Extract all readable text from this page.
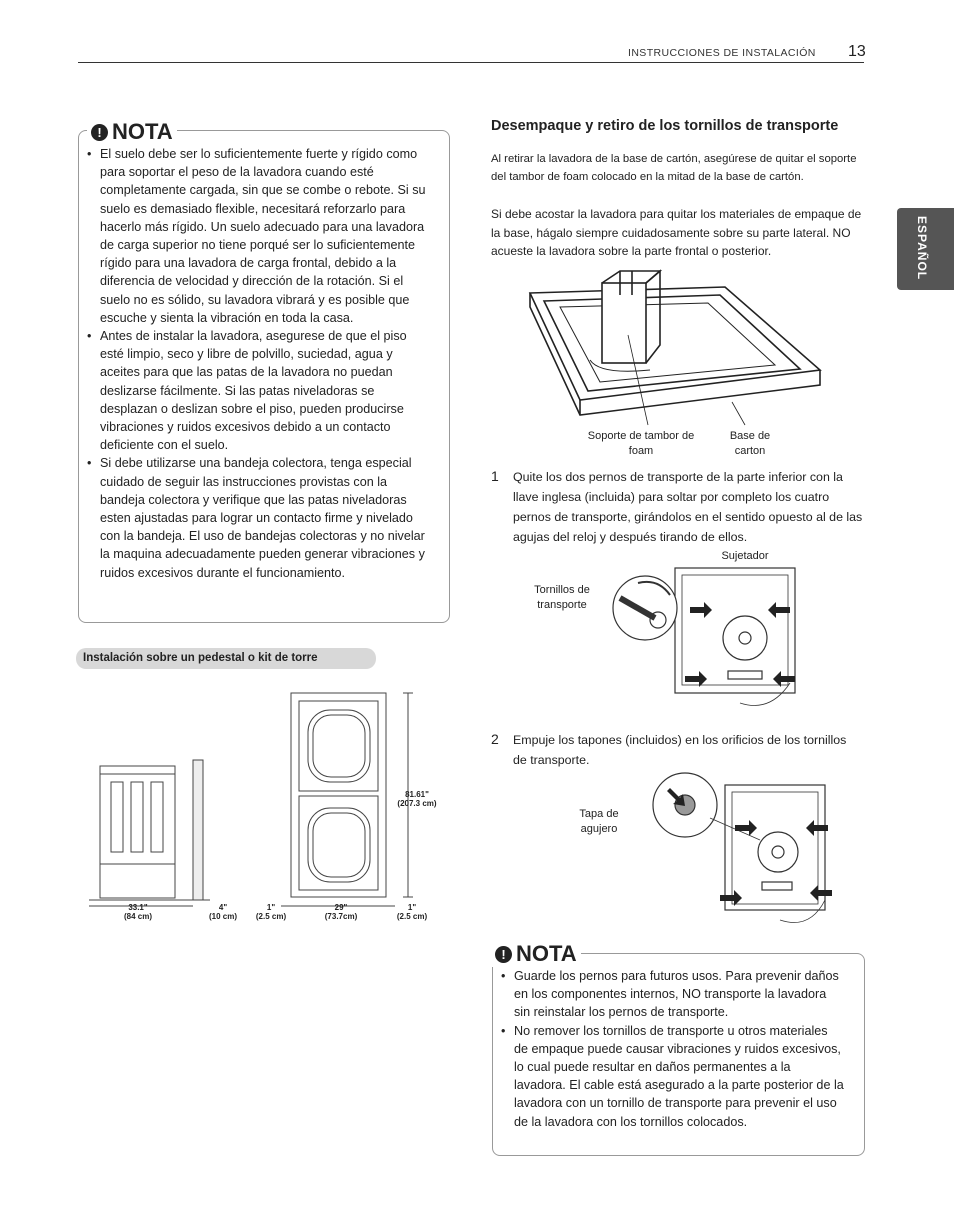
INSTRUCCIONES DE INSTALACIÓN 13
ESPAÑOL
! NOTA
• El suelo debe ser lo suficientemente fuerte y rígido como para soportar el peso de la lavadora cuando esté completamente cargada, sin que se combe o rebote. Si su suelo es demasiado flexible, necesitará reforzarlo para hacerlo más rígido. Un suelo adecuado para una lavadora de carga superior no tiene porqué ser lo suficientemente rígido para una lavadora de carga frontal, debido a la diferencia de velocidad y dirección de la rotación. Si el suelo no es sólido, su lavadora vibrará y es posible que escuche y sienta la vibración en toda la casa.
• Antes de instalar la lavadora, asegurese de que el piso esté limpio, seco y libre de polvillo, suciedad, agua y aceites para que las patas de la lavadora no puedan deslizarse fácilmente. Si las patas niveladoras se desplazan o deslizan sobre el piso, pueden producirse vibraciones y ruidos excesivos debido a un contacto deficiente con el suelo.
• Si debe utilizarse una bandeja colectora, tenga especial cuidado de seguir las instrucciones provistas con la bandeja colectora y verifique que las patas niveladoras esten ajustadas para lograr un contacto firme y nivelado con la bandeja. El uso de bandejas colectoras y no nivelar la maquina adecuadamente pueden generar vibraciones y ruidos excesivos durante el funcionamiento.
Instalación sobre un pedestal o kit de torre
33.1"
(84 cm)
4"
(10 cm)
1"
(2.5 cm)
29"
(73.7cm)
1"
(2.5 cm)
81.61"
(207.3 cm)
Desempaque y retiro de los tornillos de transporte
Al retirar la lavadora de la base de cartón, asegúrese de quitar el soporte del tambor de foam colocado en la mitad de la base de cartón.
Si debe acostar la lavadora para quitar los materiales de empaque de la base, hágalo siempre cuidadosamente sobre su parte lateral. NO acueste la lavadora sobre la parte frontal o posterior.
Soporte de tambor de foam
Base de carton
1 Quite los dos pernos de transporte de la parte inferior con la llave inglesa (incluida) para soltar por completo los cuatro pernos de transporte, girándolos en el sentido opuesto al de las agujas del reloj y después tirando de ellos.
Sujetador
Tornillos de transporte
2 Empuje los tapones (incluidos) en los orificios de los tornillos de transporte.
Tapa de agujero
! NOTA
• Guarde los pernos para futuros usos. Para prevenir daños en los componentes internos, NO transporte la lavadora sin reinstalar los pernos de transporte.
• No remover los tornillos de transporte u otros materiales de empaque puede causar vibraciones y ruidos excesivos, lo cual puede resultar en daños permanentes a la lavadora. El cable está asegurado a la parte posterior de la lavadora con un tornillo de transporte para prevenir el uso de la lavadora con los tornillos colocados.
